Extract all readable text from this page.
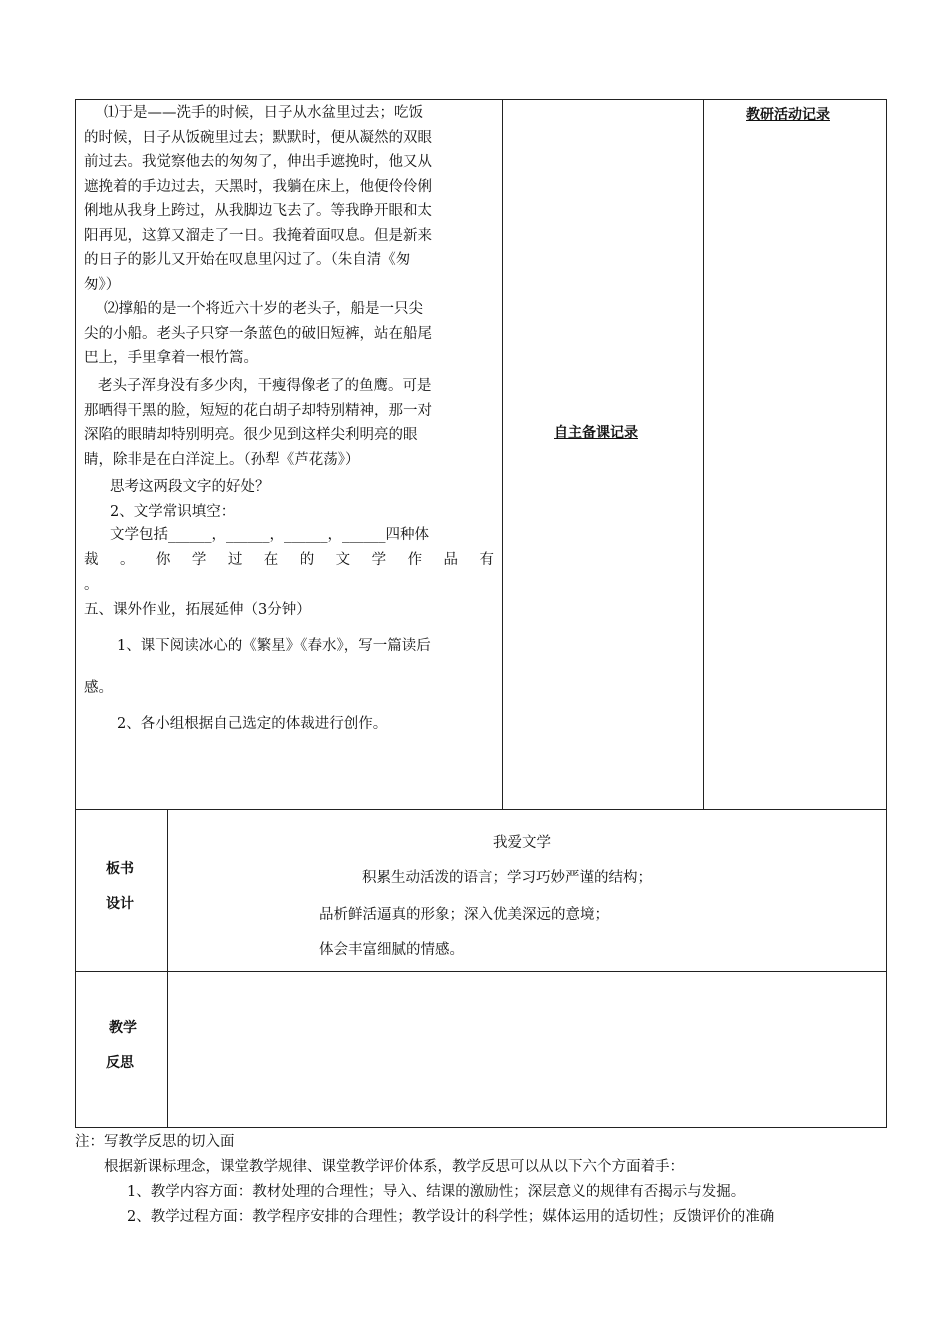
⑴于是——洗手的时候，日子从水盆里过去；吃饭
的时候，日子从饭碗里过去；默默时，便从凝然的双眼
前过去。我觉察他去的匆匆了，伸出手遮挽时，他又从
遮挽着的手边过去，天黑时，我躺在床上，他便伶伶俐
俐地从我身上跨过，从我脚边飞去了。等我睁开眼和太
阳再见，这算又溜走了一日。我掩着面叹息。但是新来
的日子的影儿又开始在叹息里闪过了。（朱自清《匆
匆》）
⑵撑船的是一个将近六十岁的老头子，船是一只尖
尖的小船。老头子只穿一条蓝色的破旧短裤，站在船尾
巴上，手里拿着一根竹篙。
老头子浑身没有多少肉，干瘦得像老了的鱼鹰。可是
那晒得干黑的脸，短短的花白胡子却特别精神，那一对
深陷的眼睛却特别明亮。很少见到这样尖利明亮的眼
睛，除非是在白洋淀上。（孙犁《芦花荡》）
思考这两段文字的好处？
2、文学常识填空：
文学包括______，______，______，______四种体
裁 。 你 学 过 在 的 文 学 作 品 有
。
五、课外作业，拓展延伸（3分钟）
1、课下阅读冰心的《繁星》《春水》，写一篇读后
感。
2、各小组根据自己选定的体裁进行创作。
自主备课记录
教研活动记录
板书
设计
我爱文学
积累生动活泼的语言；学习巧妙严谨的结构；
品析鲜活逼真的形象；深入优美深远的意境；
体会丰富细腻的情感。
教学
反思
注：写教学反思的切入面
根据新课标理念，课堂教学规律、课堂教学评价体系，教学反思可以从以下六个方面着手：
1、教学内容方面：教材处理的合理性；导入、结课的激励性；深层意义的规律有否揭示与发掘。
2、教学过程方面：教学程序安排的合理性；教学设计的科学性；媒体运用的适切性；反馈评价的准确
